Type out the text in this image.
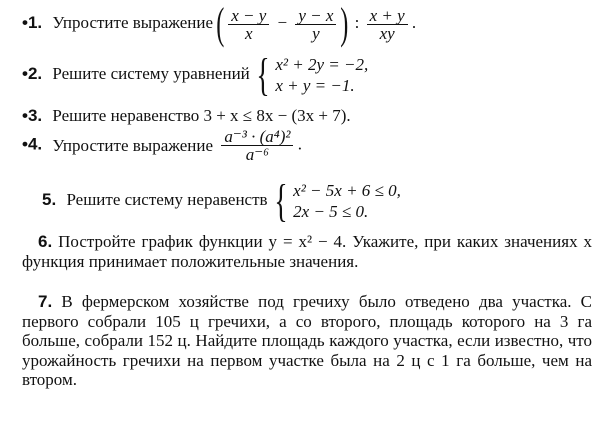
•1. Упростите выражение ( $\frac{x - y}{x} - \frac{y - x}{y}$ ) : $\frac{x + y}{xy}$ .
•2. Решите систему уравнений { x² + 2y = −2,
x + y = −1.
•3. Решите неравенство 3 + x ≤ 8x − (3x + 7).
•4. Упростите выражение $\frac{\text{a⁻³ · (a⁴)²}}{\text{a⁻⁶}}$ .
5. Решите систему неравенств { x² − 5x + 6 ≤ 0,
2x − 5 ≤ 0.
6. Постройте график функции y = x² − 4. Укажите, при каких значениях x функция принимает положительные значения.
7. В фермерском хозяйстве под гречиху было отведено два участка. С первого собрали 105 ц гречихи, а со второго, площадь которого на 3 га больше, собрали 152 ц. Найдите площадь каждого участка, если известно, что урожайность гречихи на первом участке была на 2 ц с 1 га больше, чем на втором.
